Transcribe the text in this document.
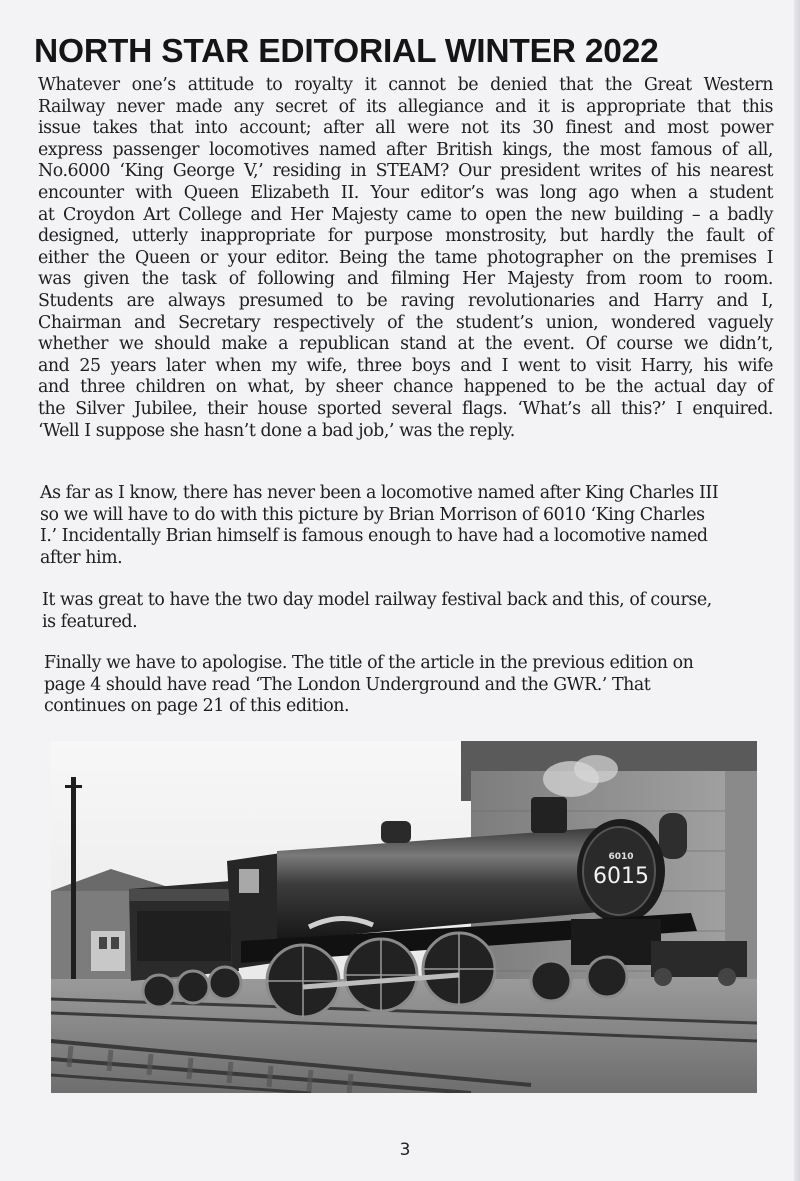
NORTH STAR EDITORIAL WINTER 2022

Whatever one’s attitude to royalty it cannot be denied that the Great Western
Railway never made any secret of its allegiance and it is appropriate that this
issue takes that into account; after all were not its 30 finest and most power
express passenger locomotives named after British kings, the most famous of all,
No.6000 ‘King George V,’ residing in STEAM? Our president writes of his nearest
encounter with Queen Elizabeth II. Your editor’s was long ago when a student
at Croydon Art College and Her Majesty came to open the new building – a badly
designed, utterly inappropriate for purpose monstrosity, but hardly the fault of
either the Queen or your editor. Being the tame photographer on the premises I
was given the task of following and filming Her Majesty from room to room.
Students are always presumed to be raving revolutionaries and Harry and I,
Chairman and Secretary respectively of the student’s union, wondered vaguely
whether we should make a republican stand at the event. Of course we didn’t,
and 25 years later when my wife, three boys and I went to visit Harry, his wife
and three children on what, by sheer chance happened to be the actual day of
the Silver Jubilee, their house sported several flags. ‘What’s all this?’ I enquired.
‘Well I suppose she hasn’t done a bad job,’ was the reply.

As far as I know, there has never been a locomotive named after King Charles III
so we will have to do with this picture by Brian Morrison of 6010 ‘King Charles
I.’ Incidentally Brian himself is famous enough to have had a locomotive named
after him.

It was great to have the two day model railway festival back and this, of course,
is featured.

Finally we have to apologise. The title of the article in the previous edition on
page 4 should have read ‘The London Underground and the GWR.’ That
continues on page 21 of this edition.

6010
6015
3
